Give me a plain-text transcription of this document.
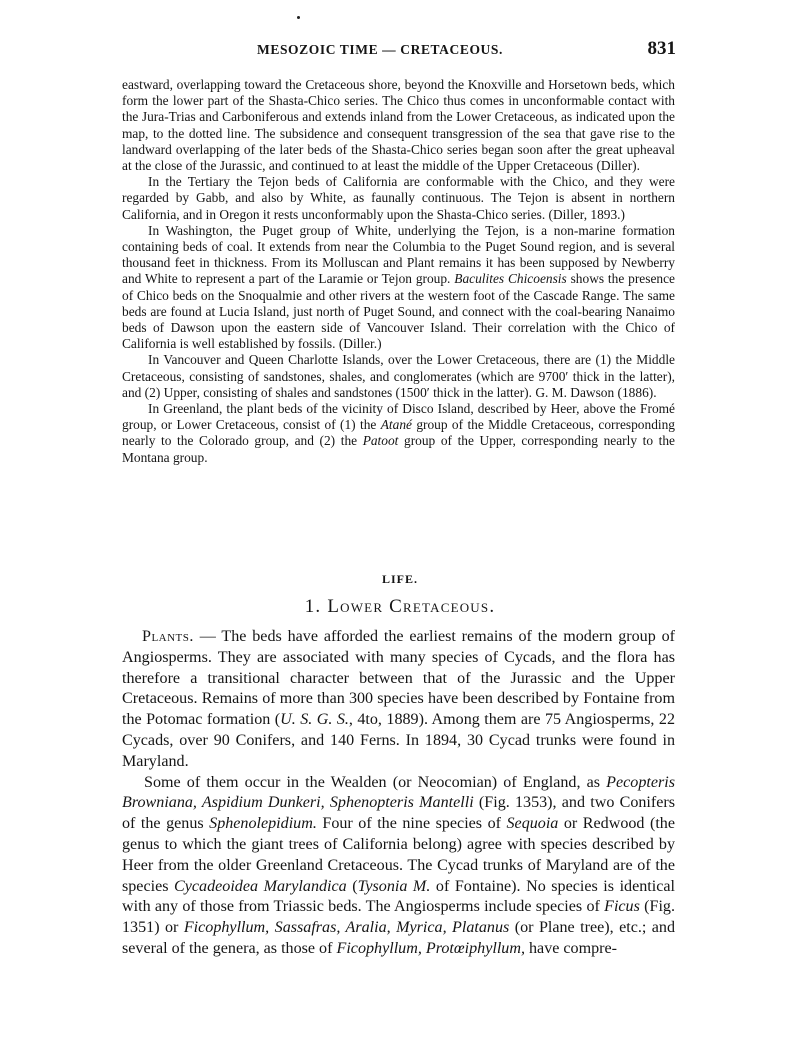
MESOZOIC TIME — CRETACEOUS.	831

eastward, overlapping toward the Cretaceous shore, beyond the Knoxville and Horsetown beds, which form the lower part of the Shasta-Chico series. The Chico thus comes in unconformable contact with the Jura-Trias and Carboniferous and extends inland from the Lower Cretaceous, as indicated upon the map, to the dotted line. The subsidence and consequent transgression of the sea that gave rise to the landward overlapping of the later beds of the Shasta-Chico series began soon after the great upheaval at the close of the Jurassic, and continued to at least the middle of the Upper Cretaceous (Diller).

In the Tertiary the Tejon beds of California are conformable with the Chico, and they were regarded by Gabb, and also by White, as faunally continuous. The Tejon is absent in northern California, and in Oregon it rests unconformably upon the Shasta-Chico series. (Diller, 1893.)

In Washington, the Puget group of White, underlying the Tejon, is a non-marine formation containing beds of coal. It extends from near the Columbia to the Puget Sound region, and is several thousand feet in thickness. From its Molluscan and Plant remains it has been supposed by Newberry and White to represent a part of the Laramie or Tejon group. Baculites Chicoensis shows the presence of Chico beds on the Snoqualmie and other rivers at the western foot of the Cascade Range. The same beds are found at Lucia Island, just north of Puget Sound, and connect with the coal-bearing Nanaimo beds of Dawson upon the eastern side of Vancouver Island. Their correlation with the Chico of California is well established by fossils. (Diller.)

In Vancouver and Queen Charlotte Islands, over the Lower Cretaceous, there are (1) the Middle Cretaceous, consisting of sandstones, shales, and conglomerates (which are 9700′ thick in the latter), and (2) Upper, consisting of shales and sandstones (1500′ thick in the latter). G. M. Dawson (1886).

In Greenland, the plant beds of the vicinity of Disco Island, described by Heer, above the Fromé group, or Lower Cretaceous, consist of (1) the Atané group of the Middle Cretaceous, corresponding nearly to the Colorado group, and (2) the Patoot group of the Upper, corresponding nearly to the Montana group.

LIFE.
1. Lower Cretaceous.

Plants. — The beds have afforded the earliest remains of the modern group of Angiosperms. They are associated with many species of Cycads, and the flora has therefore a transitional character between that of the Jurassic and the Upper Cretaceous. Remains of more than 300 species have been described by Fontaine from the Potomac formation (U. S. G. S., 4to, 1889). Among them are 75 Angiosperms, 22 Cycads, over 90 Conifers, and 140 Ferns. In 1894, 30 Cycad trunks were found in Maryland.

Some of them occur in the Wealden (or Neocomian) of England, as Pecopteris Browniana, Aspidium Dunkeri, Sphenopteris Mantelli (Fig. 1353), and two Conifers of the genus Sphenolepidium. Four of the nine species of Sequoia or Redwood (the genus to which the giant trees of California belong) agree with species described by Heer from the older Greenland Cretaceous. The Cycad trunks of Maryland are of the species Cycadeoidea Marylandica (Tysonia M. of Fontaine). No species is identical with any of those from Triassic beds. The Angiosperms include species of Ficus (Fig. 1351) or Ficophyllum, Sassafras, Aralia, Myrica, Platanus (or Plane tree), etc.; and several of the genera, as those of Ficophyllum, Protœiphyllum, have compre-
